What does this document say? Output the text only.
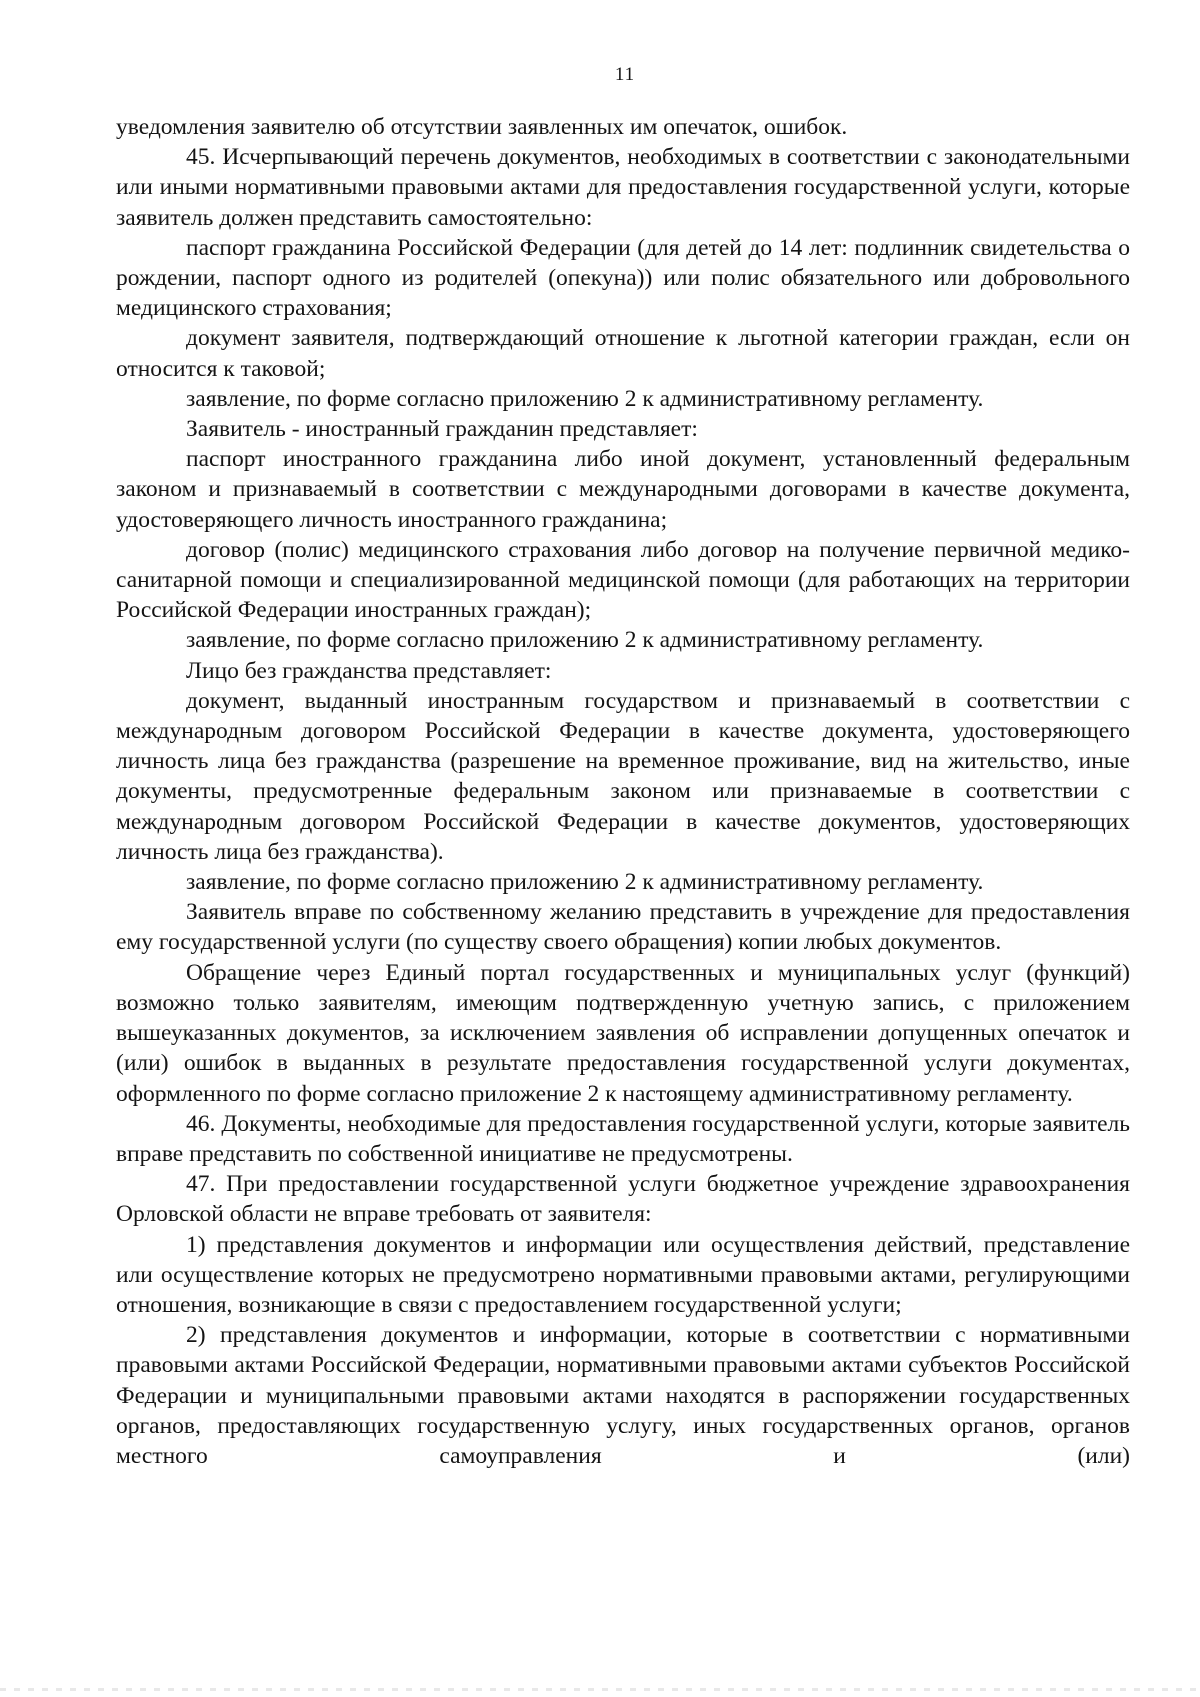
11

уведомления заявителю об отсутствии заявленных им опечаток, ошибок.

45. Исчерпывающий перечень документов, необходимых в соответствии с законодательными или иными нормативными правовыми актами для предоставления государственной услуги, которые заявитель должен представить самостоятельно:

паспорт гражданина Российской Федерации (для детей до 14 лет: подлинник свидетельства о рождении, паспорт одного из родителей (опекуна)) или полис обязательного или добровольного медицинского страхования;

документ заявителя, подтверждающий отношение к льготной категории граждан, если он относится к таковой;

заявление, по форме согласно приложению 2 к административному регламенту.

Заявитель - иностранный гражданин представляет:

паспорт иностранного гражданина либо иной документ, установленный федеральным законом и признаваемый в соответствии с международными договорами в качестве документа, удостоверяющего личность иностранного гражданина;

договор (полис) медицинского страхования либо договор на получение первичной медико-санитарной помощи и специализированной медицинской помощи (для работающих на территории Российской Федерации иностранных граждан);

заявление, по форме согласно приложению 2 к административному регламенту.

Лицо без гражданства представляет:

документ, выданный иностранным государством и признаваемый в соответствии с международным договором Российской Федерации в качестве документа, удостоверяющего личность лица без гражданства (разрешение на временное проживание, вид на жительство, иные документы, предусмотренные федеральным законом или признаваемые в соответствии с международным договором Российской Федерации в качестве документов, удостоверяющих личность лица без гражданства).

заявление, по форме согласно приложению 2 к административному регламенту.

Заявитель вправе по собственному желанию представить в учреждение для предоставления ему государственной услуги (по существу своего обращения) копии любых документов.

Обращение через Единый портал государственных и муниципальных услуг (функций) возможно только заявителям, имеющим подтвержденную учетную запись, с приложением вышеуказанных документов, за исключением заявления об исправлении допущенных опечаток и (или) ошибок в выданных в результате предоставления государственной услуги документах, оформленного по форме согласно приложение 2 к настоящему административному регламенту.

46. Документы, необходимые для предоставления государственной услуги, которые заявитель вправе представить по собственной инициативе не предусмотрены.

47. При предоставлении государственной услуги бюджетное учреждение здравоохранения Орловской области не вправе требовать от заявителя:

1) представления документов и информации или осуществления действий, представление или осуществление которых не предусмотрено нормативными правовыми актами, регулирующими отношения, возникающие в связи с предоставлением государственной услуги;

2) представления документов и информации, которые в соответствии с нормативными правовыми актами Российской Федерации, нормативными правовыми актами субъектов Российской Федерации и муниципальными правовыми актами находятся в распоряжении государственных органов, предоставляющих государственную услугу, иных государственных органов, органов местного самоуправления и (или)
